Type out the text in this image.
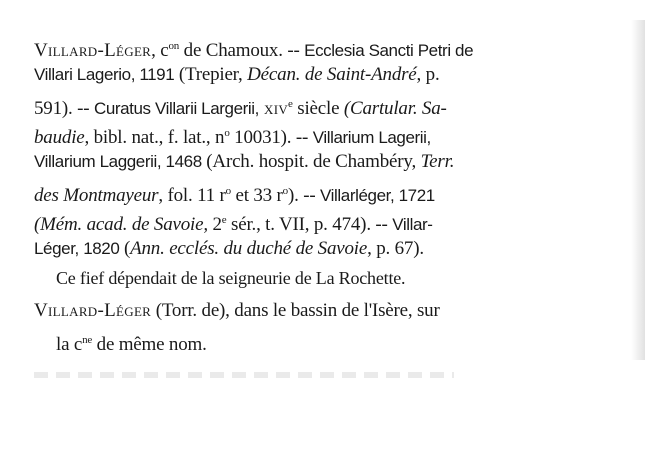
Villard-Léger, $c^{on}$ de Chamoux. -- Ecclesia Sancti Petri de
Villari Lagerio, 1191 (Trepier, Décan. de Saint-André, p.
591). -- Curatus Villarii Largerii, xiv$^e$ siècle (Cartular. Sa-
baudie, bibl. nat., f. lat., $n^o$ 10031). -- Villarium Lagerii,
Villarium Laggerii, 1468 (Arch. hospit. de Chambéry, Terr.
des Montmayeur, fol. 11 $r^o$ et 33 $r^o$). -- Villarléger, 1721
(Mém. acad. de Savoie, 2e sér., t. VII, p. 474). -- Villar-
Léger, 1820 (Ann. ecclés. du duché de Savoie, p. 67).
Ce fief dépendait de la seigneurie de La Rochette.
Villard-Léger (Torr. de), dans le bassin de l'Isère, sur
la $c^{ne}$ de même nom.
